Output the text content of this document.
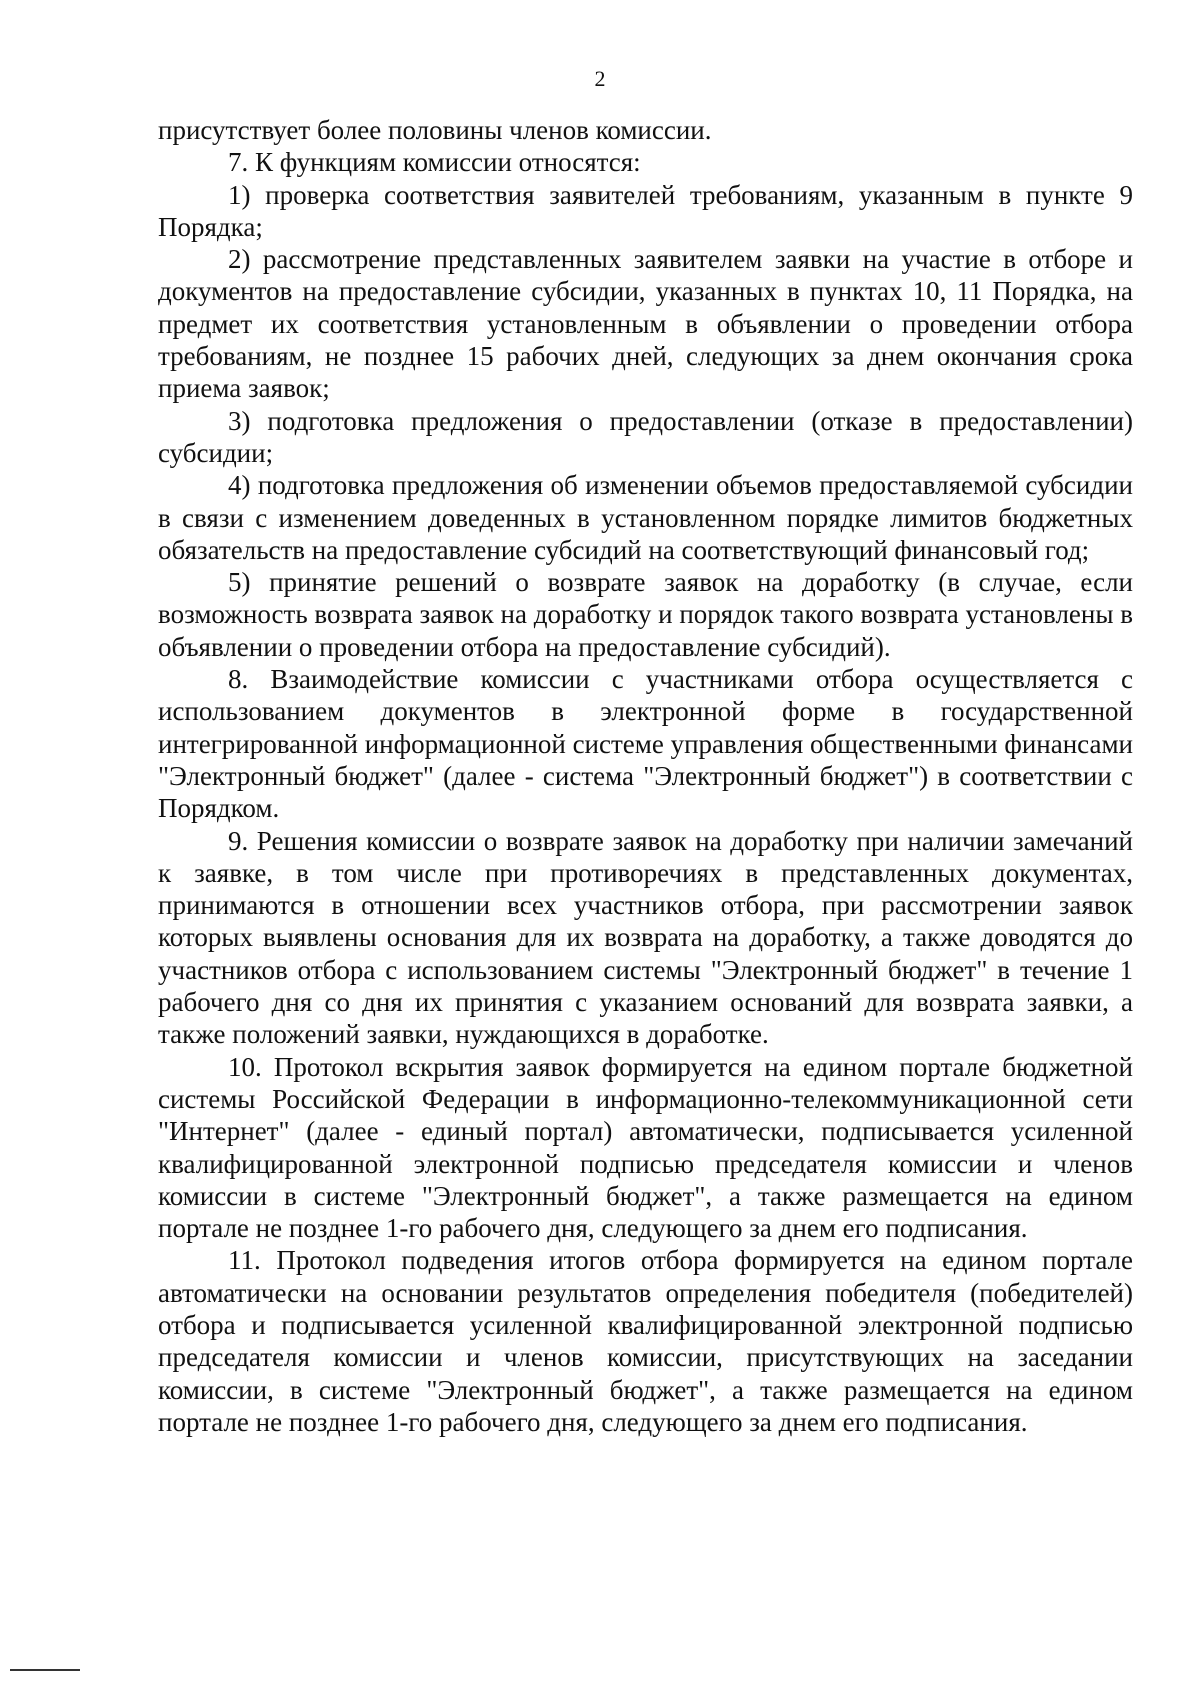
2

присутствует более половины членов комиссии.

7. К функциям комиссии относятся:

1) проверка соответствия заявителей требованиям, указанным в пункте 9 Порядка;

2) рассмотрение представленных заявителем заявки на участие в отборе и документов на предоставление субсидии, указанных в пунктах 10, 11 Порядка, на предмет их соответствия установленным в объявлении о проведении отбора требованиям, не позднее 15 рабочих дней, следующих за днем окончания срока приема заявок;

3) подготовка предложения о предоставлении (отказе в предоставлении) субсидии;

4) подготовка предложения об изменении объемов предоставляемой субсидии в связи с изменением доведенных в установленном порядке лимитов бюджетных обязательств на предоставление субсидий на соответствующий финансовый год;

5) принятие решений о возврате заявок на доработку (в случае, если возможность возврата заявок на доработку и порядок такого возврата установлены в объявлении о проведении отбора на предоставление субсидий).

8. Взаимодействие комиссии с участниками отбора осуществляется с использованием документов в электронной форме в государственной интегрированной информационной системе управления общественными финансами "Электронный бюджет" (далее - система "Электронный бюджет") в соответствии с Порядком.

9. Решения комиссии о возврате заявок на доработку при наличии замечаний к заявке, в том числе при противоречиях в представленных документах, принимаются в отношении всех участников отбора, при рассмотрении заявок которых выявлены основания для их возврата на доработку, а также доводятся до участников отбора с использованием системы "Электронный бюджет" в течение 1 рабочего дня со дня их принятия с указанием оснований для возврата заявки, а также положений заявки, нуждающихся в доработке.

10. Протокол вскрытия заявок формируется на едином портале бюджетной системы Российской Федерации в информационно-телекоммуникационной сети "Интернет" (далее - единый портал) автоматически, подписывается усиленной квалифицированной электронной подписью председателя комиссии и членов комиссии в системе "Электронный бюджет", а также размещается на едином портале не позднее 1-го рабочего дня, следующего за днем его подписания.

11. Протокол подведения итогов отбора формируется на едином портале автоматически на основании результатов определения победителя (победителей) отбора и подписывается усиленной квалифицированной электронной подписью председателя комиссии и членов комиссии, присутствующих на заседании комиссии, в системе "Электронный бюджет", а также размещается на едином портале не позднее 1-го рабочего дня, следующего за днем его подписания.
